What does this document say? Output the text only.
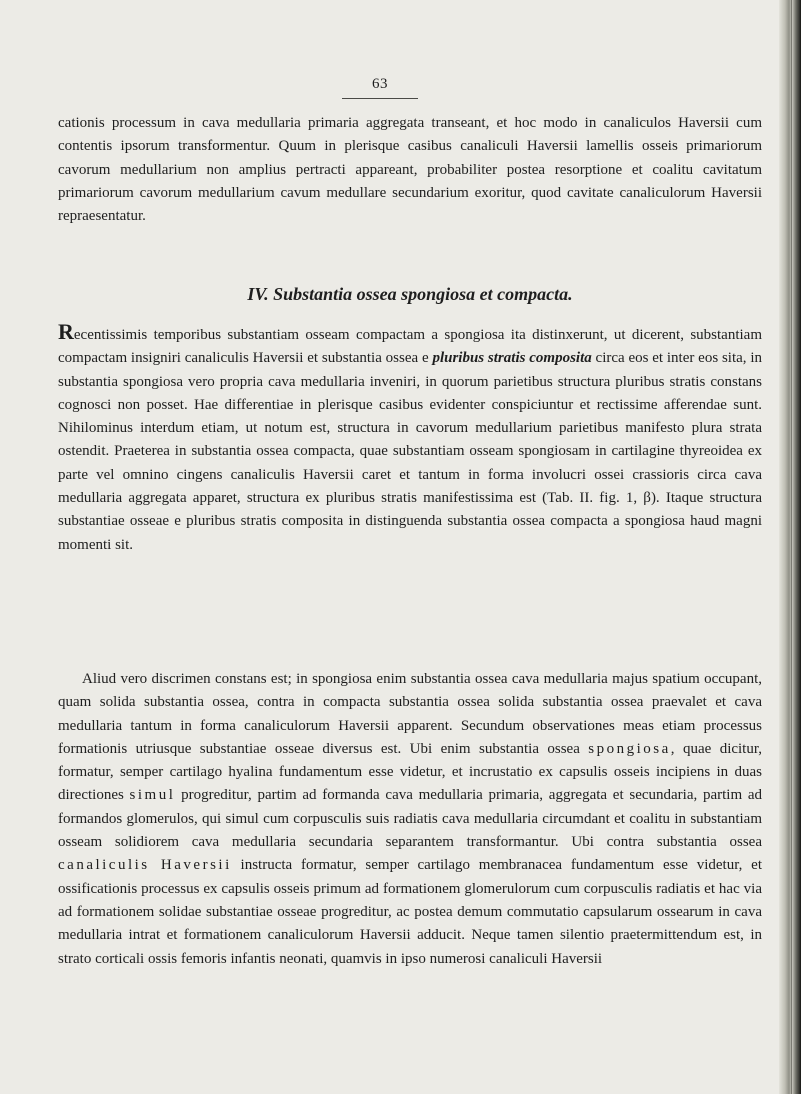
63

cationis processum in cava medullaria primaria aggregata transeant, et hoc modo in canaliculos Haversii cum contentis ipsorum transformentur. Quum in plerisque casibus canaliculi Haversii lamellis osseis primariorum cavorum medullarium non amplius pertracti appareant, probabiliter postea resorptione et coalitu cavitatum primariorum cavorum medullarium cavum medullare secundarium exoritur, quod cavitate canaliculorum Haversii repraesentatur.

IV. Substantia ossea spongiosa et compacta.

Recentissimis temporibus substantiam osseam compactam a spongiosa ita distinxerunt, ut dicerent, substantiam compactam insigniri canaliculis Haversii et substantia ossea e pluribus stratis composita circa eos et inter eos sita, in substantia spongiosa vero propria cava medullaria inveniri, in quorum parietibus structura pluribus stratis constans cognosci non posset. Hae differentiae in plerisque casibus evidenter conspiciuntur et rectissime afferendae sunt. Nihilominus interdum etiam, ut notum est, structura in cavorum medullarium parietibus manifesto plura strata ostendit. Praeterea in substantia ossea compacta, quae substantiam osseam spongiosam in cartilagine thyreoidea ex parte vel omnino cingens canaliculis Haversii caret et tantum in forma involucri ossei crassioris circa cava medullaria aggregata apparet, structura ex pluribus stratis manifestissima est (Tab. II. fig. 1, β). Itaque structura substantiae osseae e pluribus stratis composita in distinguenda substantia ossea compacta a spongiosa haud magni momenti sit.

Aliud vero discrimen constans est; in spongiosa enim substantia ossea cava medullaria majus spatium occupant, quam solida substantia ossea, contra in compacta substantia ossea solida substantia ossea praevalet et cava medullaria tantum in forma canaliculorum Haversii apparent. Secundum observationes meas etiam processus formationis utriusque substantiae osseae diversus est. Ubi enim substantia ossea spongiosa, quae dicitur, formatur, semper cartilago hyalina fundamentum esse videtur, et incrustatio ex capsulis osseis incipiens in duas directiones simul progreditur, partim ad formanda cava medullaria primaria, aggregata et secundaria, partim ad formandos glomerulos, qui simul cum corpusculis suis radiatis cava medullaria circumdant et coalitu in substantiam osseam solidiorem cava medullaria secundaria separantem transformantur. Ubi contra substantia ossea canaliculis Haversii instructa formatur, semper cartilago membranacea fundamentum esse videtur, et ossificationis processus ex capsulis osseis primum ad formationem glomerulorum cum corpusculis radiatis et hac via ad formationem solidae substantiae osseae progreditur, ac postea demum commutatio capsularum ossearum in cava medullaria intrat et formationem canaliculorum Haversii adducit. Neque tamen silentio praetermittendum est, in strato corticali ossis femoris infantis neonati, quamvis in ipso numerosi canaliculi Haversii
